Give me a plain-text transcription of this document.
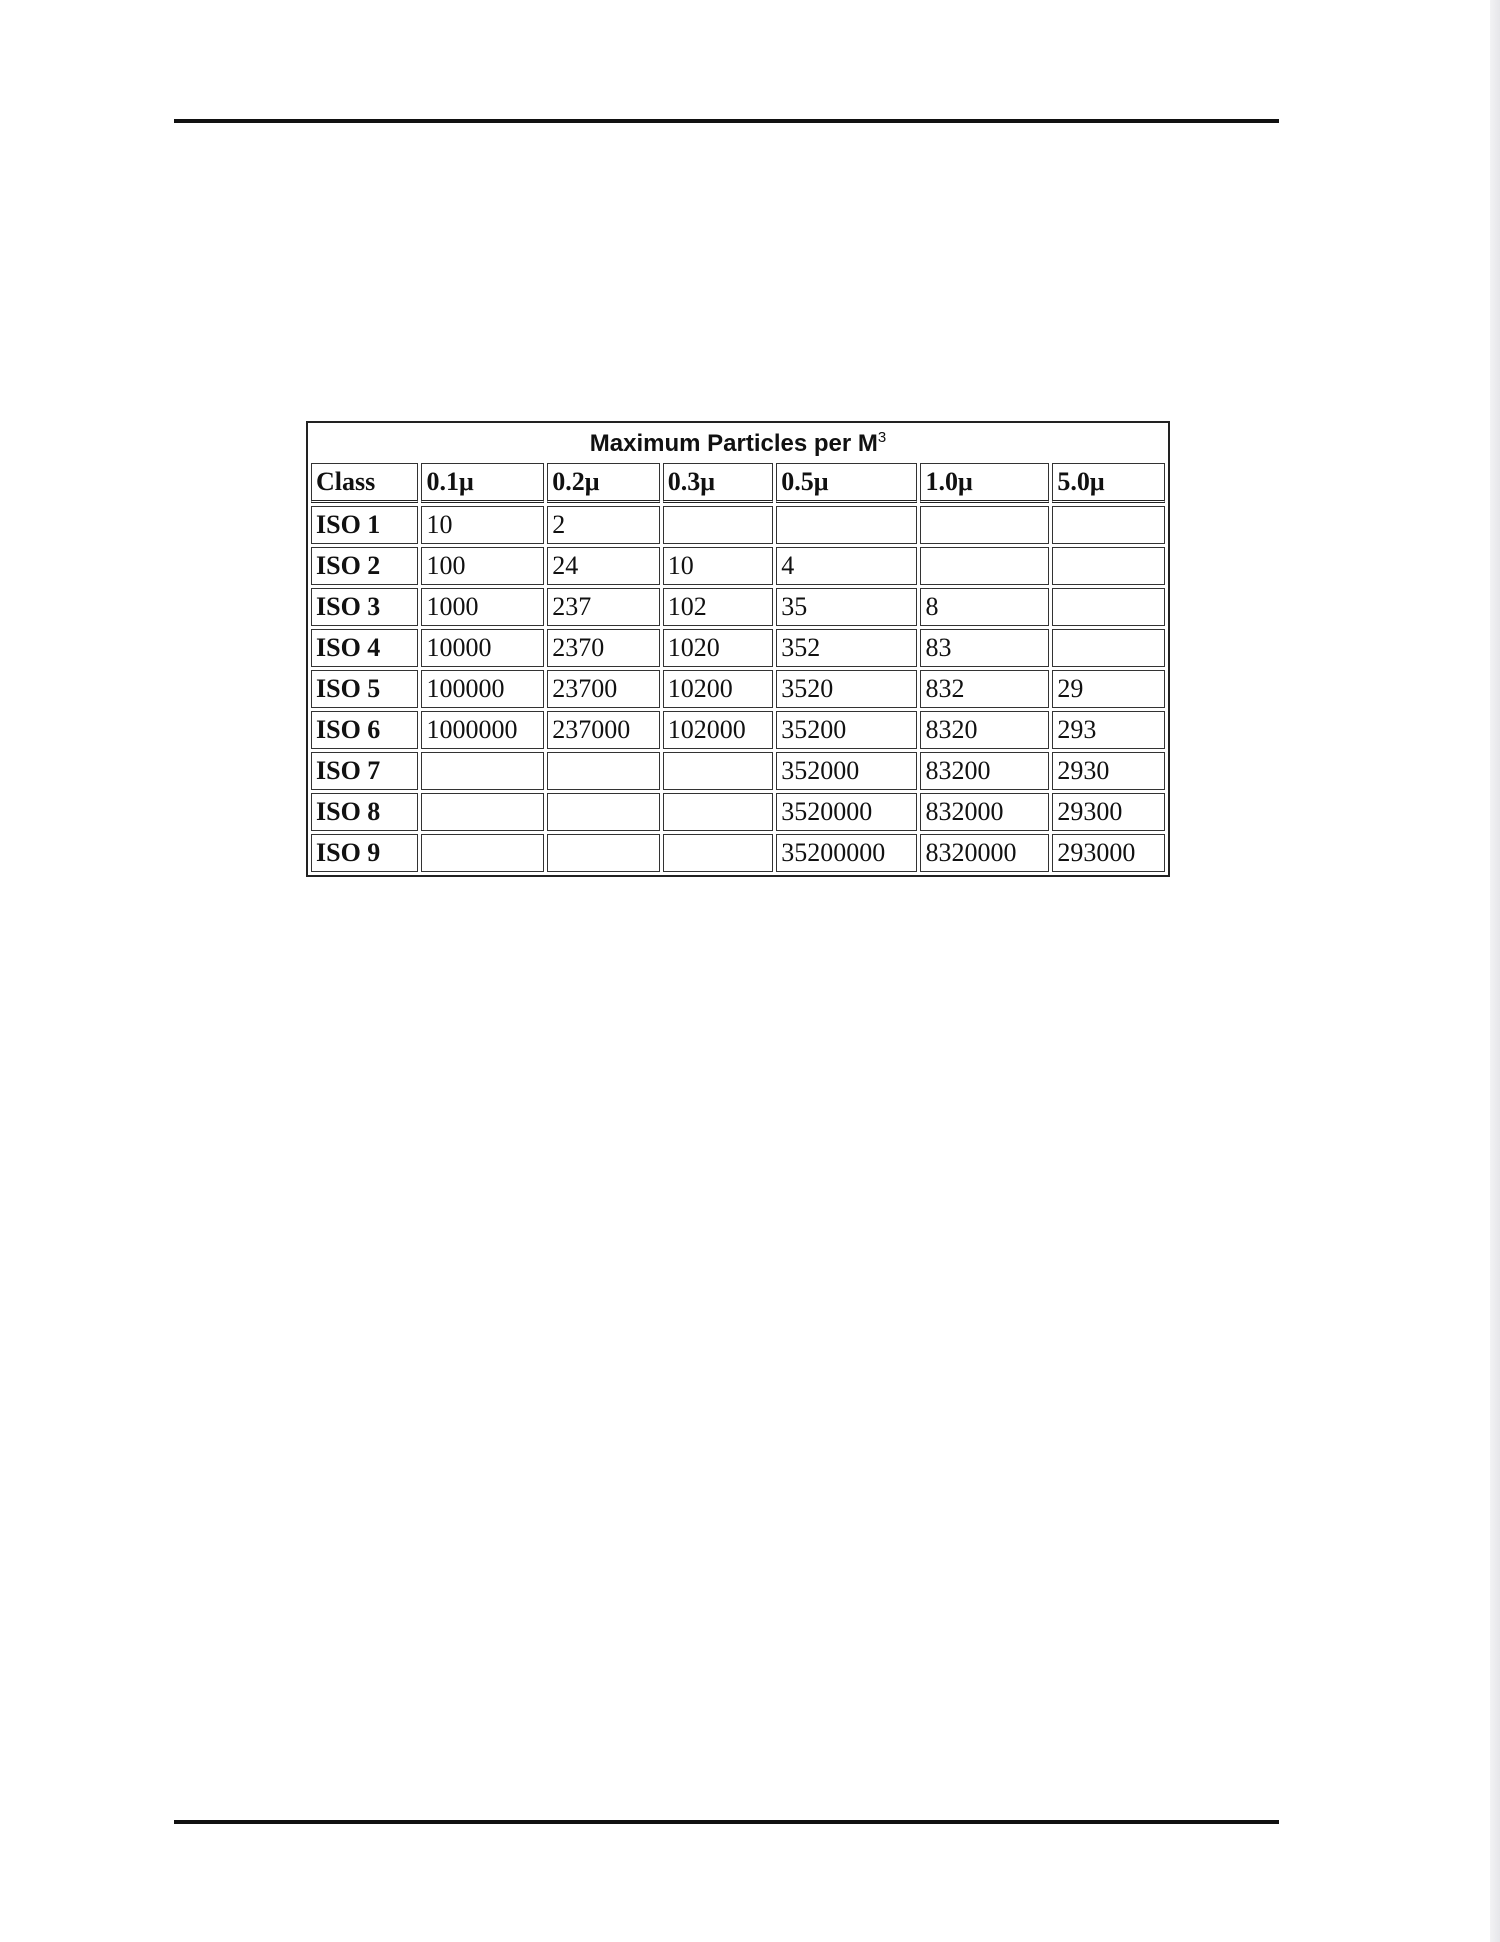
Maximum Particles per $M^3$
Class	0.1μ	0.2μ	0.3μ	0.5μ	1.0μ	5.0μ
ISO 1	10	2				
ISO 2	100	24	10	4		
ISO 3	1000	237	102	35	8	
ISO 4	10000	2370	1020	352	83	
ISO 5	100000	23700	10200	3520	832	29
ISO 6	1000000	237000	102000	35200	8320	293
ISO 7				352000	83200	2930
ISO 8				3520000	832000	29300
ISO 9				35200000	8320000	293000
